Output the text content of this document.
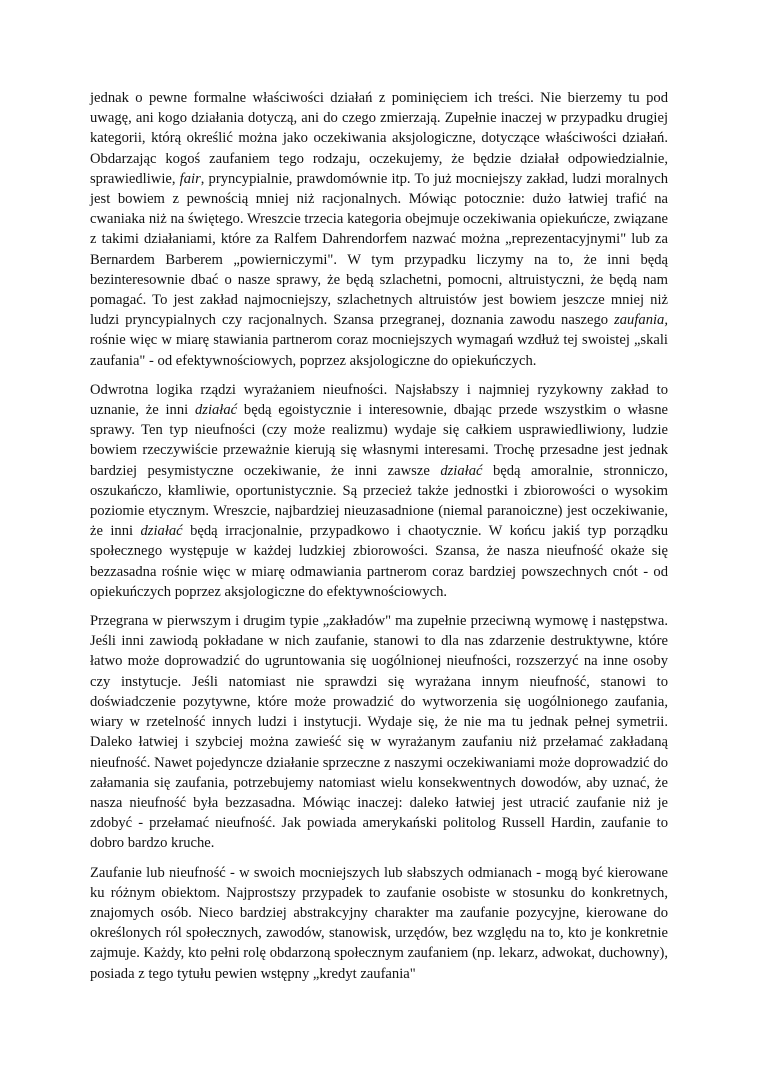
jednak o pewne formalne właściwości działań z pominięciem ich treści. Nie bierzemy tu pod uwagę, ani kogo działania dotyczą, ani do czego zmierzają. Zupełnie inaczej w przypadku drugiej kategorii, którą określić można jako oczekiwania aksjologiczne, dotyczące właściwości działań. Obdarzając kogoś zaufaniem tego rodzaju, oczekujemy, że będzie działał odpowiedzialnie, sprawiedliwie, fair, pryncypialnie, prawdomównie itp. To już mocniejszy zakład, ludzi moralnych jest bowiem z pewnością mniej niż racjonalnych. Mówiąc potocznie: dużo łatwiej trafić na cwaniaka niż na świętego. Wreszcie trzecia kategoria obejmuje oczekiwania opiekuńcze, związane z takimi działaniami, które za Ralfem Dahrendorfem nazwać można „reprezentacyjnymi" lub za Bernardem Barberem „powierniczymi". W tym przypadku liczymy na to, że inni będą bezinteresownie dbać o nasze sprawy, że będą szlachetni, pomocni, altruistyczni, że będą nam pomagać. To jest zakład najmocniejszy, szlachetnych altruistów jest bowiem jeszcze mniej niż ludzi pryncypialnych czy racjonalnych. Szansa przegranej, doznania zawodu naszego zaufania, rośnie więc w miarę stawiania partnerom coraz mocniejszych wymagań wzdłuż tej swoistej „skali zaufania" - od efektywnościowych, poprzez aksjologiczne do opiekuńczych.

Odwrotna logika rządzi wyrażaniem nieufności. Najsłabszy i najmniej ryzykowny zakład to uznanie, że inni działać będą egoistycznie i interesownie, dbając przede wszystkim o własne sprawy. Ten typ nieufności (czy może realizmu) wydaje się całkiem usprawiedliwiony, ludzie bowiem rzeczywiście przeważnie kierują się własnymi interesami. Trochę przesadne jest jednak bardziej pesymistyczne oczekiwanie, że inni zawsze działać będą amoralnie, stronniczo, oszukańczo, kłamliwie, oportunistycznie. Są przecież także jednostki i zbiorowości o wysokim poziomie etycznym. Wreszcie, najbardziej nieuzasadnione (niemal paranoiczne) jest oczekiwanie, że inni działać będą irracjonalnie, przypadkowo i chaotycznie. W końcu jakiś typ porządku społecznego występuje w każdej ludzkiej zbiorowości. Szansa, że nasza nieufność okaże się bezzasadna rośnie więc w miarę odmawiania partnerom coraz bardziej powszechnych cnót - od opiekuńczych poprzez aksjologiczne do efektywnościowych.

Przegrana w pierwszym i drugim typie „zakładów" ma zupełnie przeciwną wymowę i następstwa. Jeśli inni zawiodą pokładane w nich zaufanie, stanowi to dla nas zdarzenie destruktywne, które łatwo może doprowadzić do ugruntowania się uogólnionej nieufności, rozszerzyć na inne osoby czy instytucje. Jeśli natomiast nie sprawdzi się wyrażana innym nieufność, stanowi to doświadczenie pozytywne, które może prowadzić do wytworzenia się uogólnionego zaufania, wiary w rzetelność innych ludzi i instytucji. Wydaje się, że nie ma tu jednak pełnej symetrii. Daleko łatwiej i szybciej można zawieść się w wyrażanym zaufaniu niż przełamać zakładaną nieufność. Nawet pojedyncze działanie sprzeczne z naszymi oczekiwaniami może doprowadzić do załamania się zaufania, potrzebujemy natomiast wielu konsekwentnych dowodów, aby uznać, że nasza nieufność była bezzasadna. Mówiąc inaczej: daleko łatwiej jest utracić zaufanie niż je zdobyć - przełamać nieufność. Jak powiada amerykański politolog Russell Hardin, zaufanie to dobro bardzo kruche.

Zaufanie lub nieufność - w swoich mocniejszych lub słabszych odmianach - mogą być kierowane ku różnym obiektom. Najprostszy przypadek to zaufanie osobiste w stosunku do konkretnych, znajomych osób. Nieco bardziej abstrakcyjny charakter ma zaufanie pozycyjne, kierowane do określonych ról społecznych, zawodów, stanowisk, urzędów, bez względu na to, kto je konkretnie zajmuje. Każdy, kto pełni rolę obdarzoną społecznym zaufaniem (np. lekarz, adwokat, duchowny), posiada z tego tytułu pewien wstępny „kredyt zaufania"
